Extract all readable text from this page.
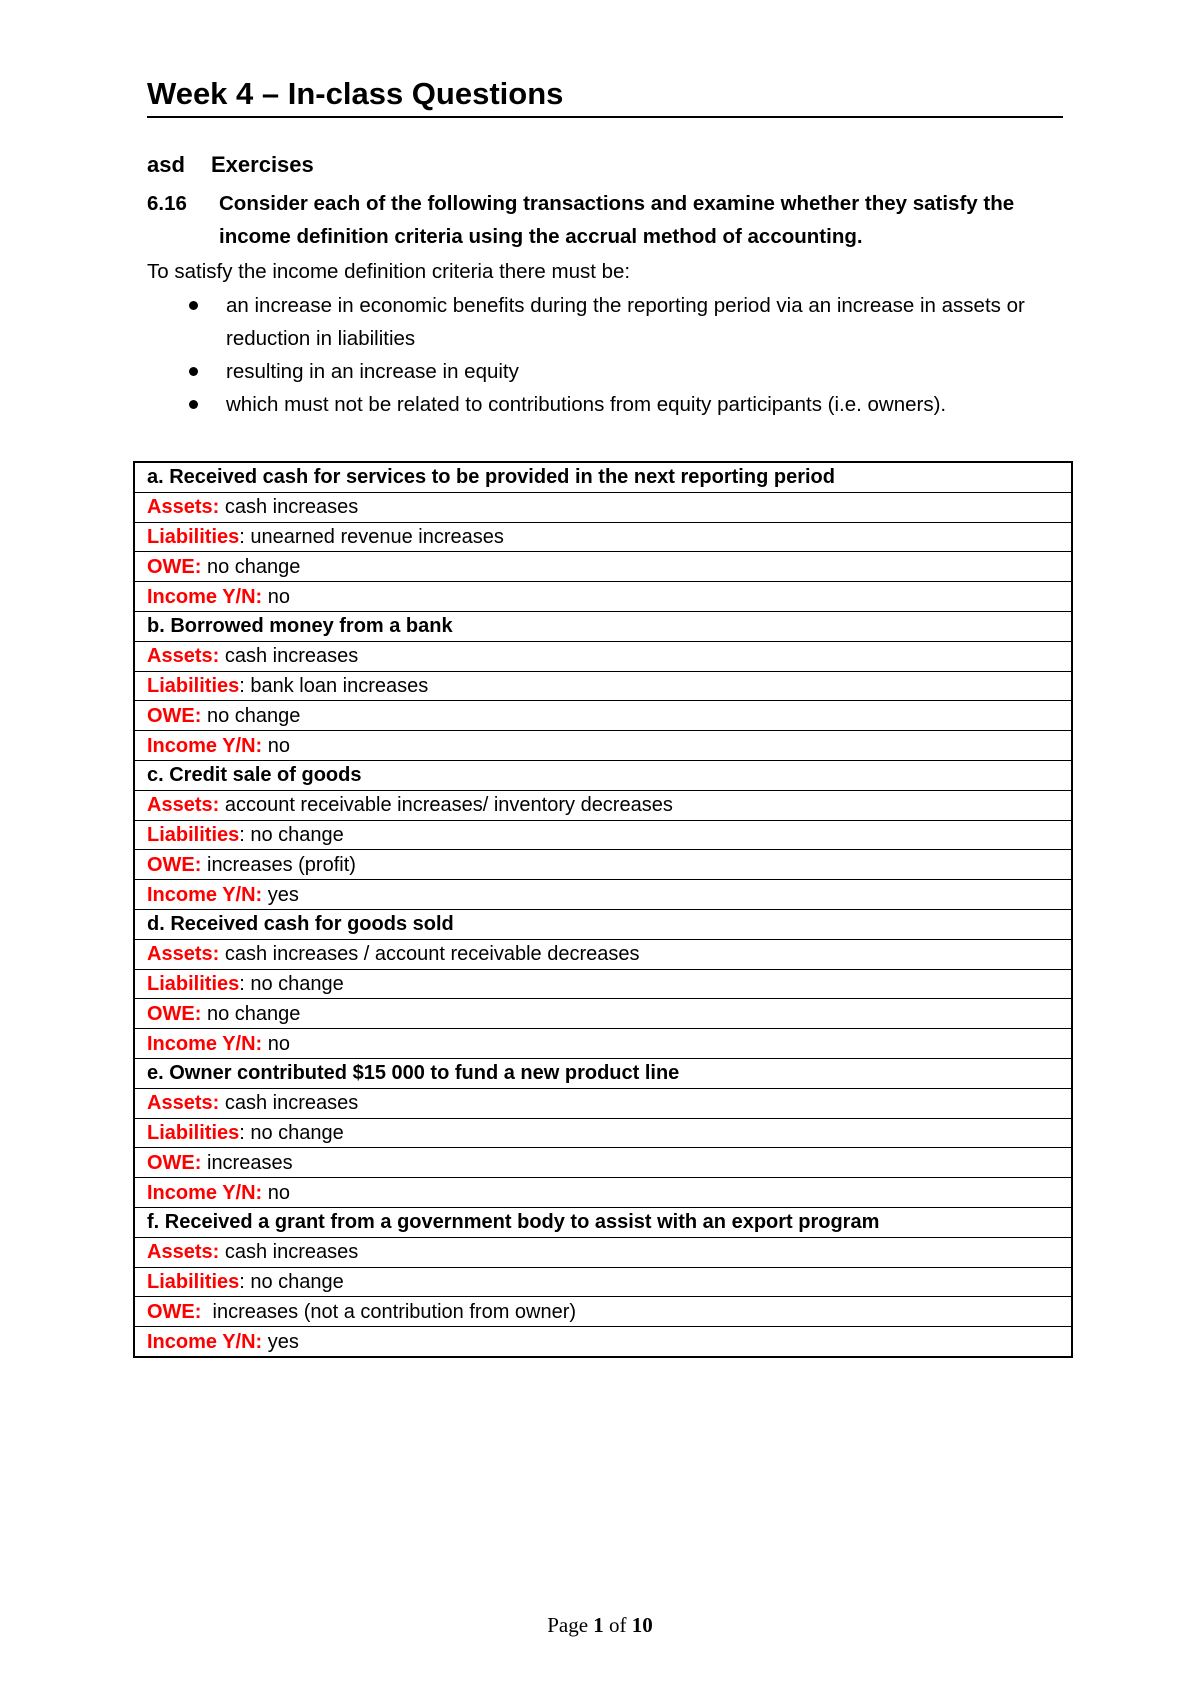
Week 4 – In-class Questions
asd Exercises
6.16	Consider each of the following transactions and examine whether they satisfy the income definition criteria using the accrual method of accounting.
To satisfy the income definition criteria there must be:
an increase in economic benefits during the reporting period via an increase in assets or reduction in liabilities
resulting in an increase in equity
which must not be related to contributions from equity participants (i.e. owners).
a. Received cash for services to be provided in the next reporting period
Assets: cash increases
Liabilities: unearned revenue increases
OWE: no change
Income Y/N: no
b. Borrowed money from a bank
Assets: cash increases
Liabilities: bank loan increases
OWE: no change
Income Y/N: no
c. Credit sale of goods
Assets: account receivable increases/ inventory decreases
Liabilities: no change
OWE: increases (profit)
Income Y/N: yes
d. Received cash for goods sold
Assets: cash increases / account receivable decreases
Liabilities: no change
OWE: no change
Income Y/N: no
e. Owner contributed $15 000 to fund a new product line
Assets: cash increases
Liabilities: no change
OWE: increases
Income Y/N: no
f. Received a grant from a government body to assist with an export program
Assets: cash increases
Liabilities: no change
OWE:  increases (not a contribution from owner)
Income Y/N: yes
Page 1 of 10
